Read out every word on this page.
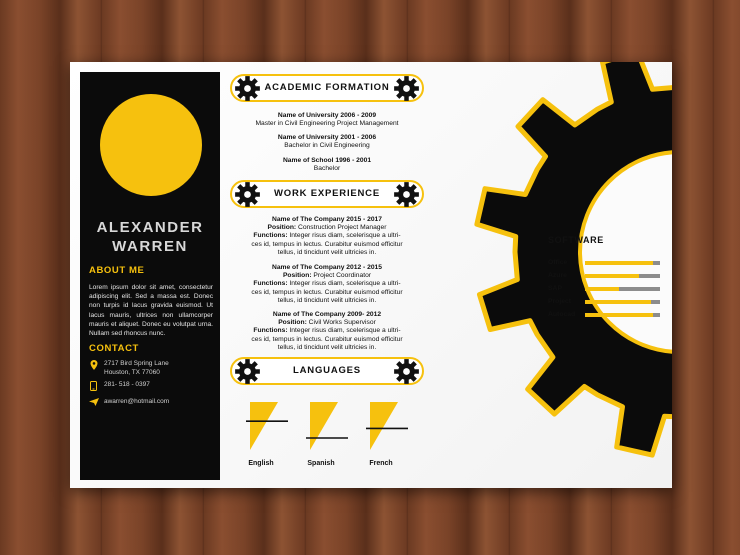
ALEXANDER
WARREN
ABOUT ME
Lorem ipsum dolor sit amet, consectetur adipiscing elit. Sed a massa est. Donec non turpis id lacus gravida euismod. Ut lacus mauris, ultrices non ullamcorper mauris et aliquet. Donec eu volutpat urna. Nullam sed rhoncus nunc.
CONTACT
2717 Bird Spring Lane
Houston, TX 77060
281- 518 - 0397
awarren@hotmail.com
ACADEMIC FORMATION
Name of University 2006 - 2009
Master in Civil Engineering Project Management
Name of University 2001 - 2006
Bachelor in Civil Engineering
Name of School 1996 - 2001
Bachelor
WORK EXPERIENCE
Name of The Company 2015 - 2017
Position: Construction Project Manager
Functions: Integer risus diam, scelerisque a ultri-
ces id, tempus in lectus. Curabitur euismod efficitur
tellus, id tincidunt velit ultricies in.
Name of The Company 2012 - 2015
Position: Project Coordinator
Functions: Integer risus diam, scelerisque a ultri-
ces id, tempus in lectus. Curabitur euismod efficitur
tellus, id tincidunt velit ultricies in.
Name of The Company 2009- 2012
Position: Civil Works Supervisor
Functions: Integer risus diam, scelerisque a ultri-
ces id, tempus in lectus. Curabitur euismod efficitur
tellus, id tincidunt velit ultricies in.
LANGUAGES
English	Spanish	French
SOFTWARE
Office
Azure
SAP
Project
Autocad
